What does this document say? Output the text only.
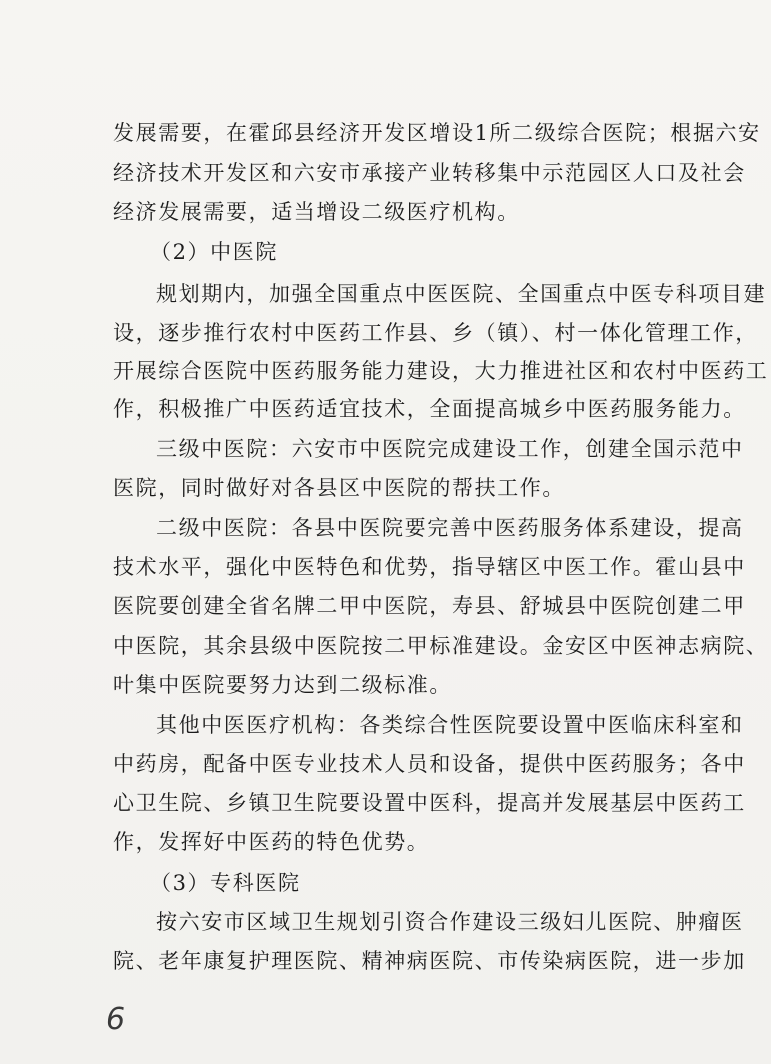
发展需要，在霍邱县经济开发区增设1所二级综合医院；根据六安
经济技术开发区和六安市承接产业转移集中示范园区人口及社会
经济发展需要，适当增设二级医疗机构。
（2）中医院
规划期内，加强全国重点中医医院、全国重点中医专科项目建
设，逐步推行农村中医药工作县、乡（镇）、村一体化管理工作，
开展综合医院中医药服务能力建设，大力推进社区和农村中医药工
作，积极推广中医药适宜技术，全面提高城乡中医药服务能力。
三级中医院：六安市中医院完成建设工作，创建全国示范中
医院，同时做好对各县区中医院的帮扶工作。
二级中医院：各县中医院要完善中医药服务体系建设，提高
技术水平，强化中医特色和优势，指导辖区中医工作。霍山县中
医院要创建全省名牌二甲中医院，寿县、舒城县中医院创建二甲
中医院，其余县级中医院按二甲标准建设。金安区中医神志病院、
叶集中医院要努力达到二级标准。
其他中医医疗机构：各类综合性医院要设置中医临床科室和
中药房，配备中医专业技术人员和设备，提供中医药服务；各中
心卫生院、乡镇卫生院要设置中医科，提高并发展基层中医药工
作，发挥好中医药的特色优势。
（3）专科医院
按六安市区域卫生规划引资合作建设三级妇儿医院、肿瘤医
院、老年康复护理医院、精神病医院、市传染病医院，进一步加
6
